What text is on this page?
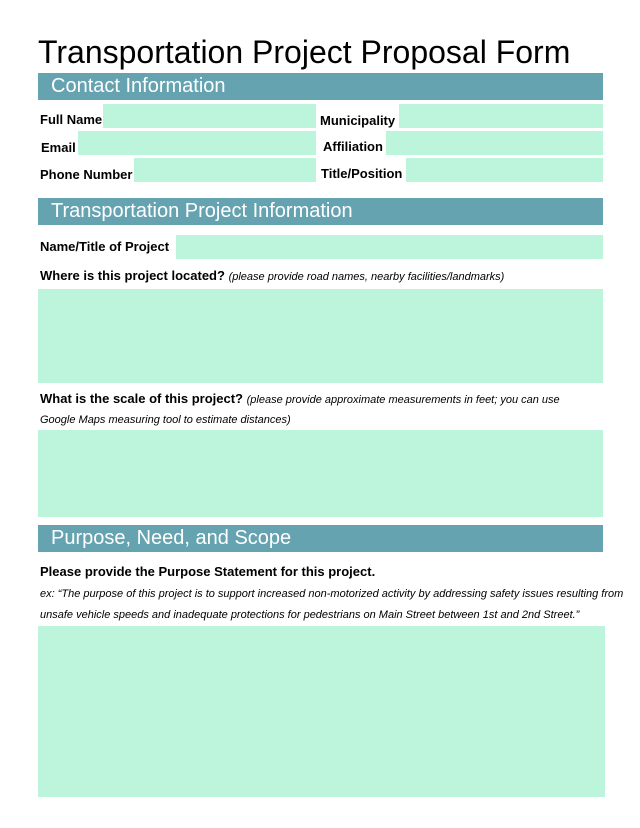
Transportation Project Proposal Form
Contact Information
Full Name
Email
Phone Number
Municipality
Affiliation
Title/Position
Transportation Project Information
Name/Title of Project
Where is this project located? (please provide road names, nearby facilities/landmarks)
What is the scale of this project? (please provide approximate measurements in feet; you can use
Google Maps measuring tool to estimate distances)
Purpose, Need, and Scope
Please provide the Purpose Statement for this project.
ex: “The purpose of this project is to support increased non-motorized activity by addressing safety issues resulting from
unsafe vehicle speeds and inadequate protections for pedestrians on Main Street between 1st and 2nd Street.”
